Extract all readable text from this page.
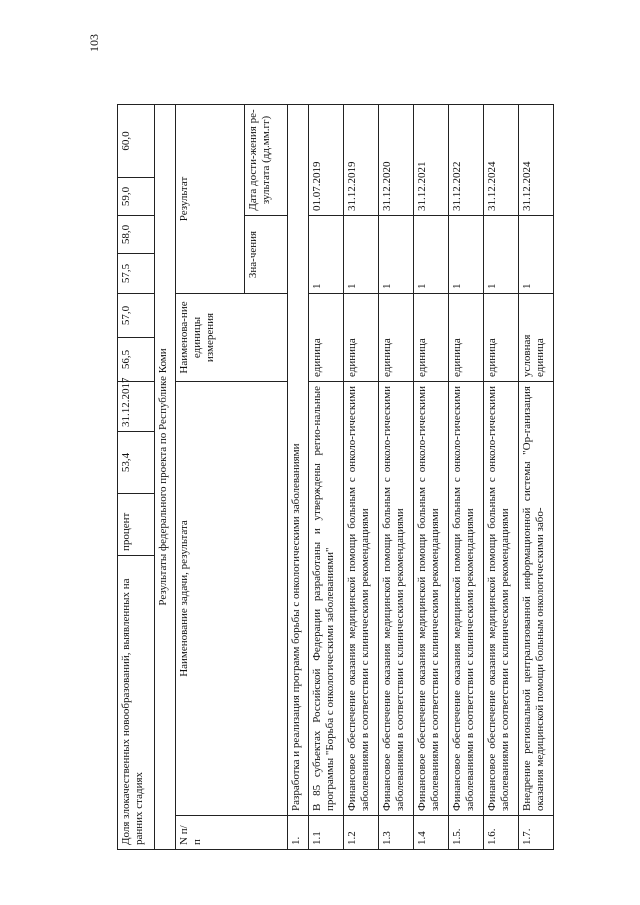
103
Доля злокачественных новообразований, выявленных на ранних стадиях		процент	53,4	31.12.2017	56,5	57,0	57,5	58,0	59,0	60,0
Результаты федерального проекта по Республике Коми										
N п/п	Наименование задачи, результата				Наименова-ние единицы измерения		Результат			
							Зна-чения		Дата дости-жения ре-зультата (дд.мм.гг)	
1.	Разработка и реализация программ борьбы с онкологическими заболеваниями									
1.1	В 85 субъектах Российской Федерации разработаны и утверждены регио-нальные программы "Борьба с онкологическими заболеваниями"				единица		1		01.07.2019	
1.2	Финансовое обеспечение оказания медицинской помощи больным с онколо-гическими заболеваниями в соответствии с клиническими рекомендациями				единица		1		31.12.2019	
1.3	Финансовое обеспечение оказания медицинской помощи больным с онколо-гическими заболеваниями в соответствии с клиническими рекомендациями				единица		1		31.12.2020	
1.4	Финансовое обеспечение оказания медицинской помощи больным с онколо-гическими заболеваниями в соответствии с клиническими рекомендациями				единица		1		31.12.2021	
1.5.	Финансовое обеспечение оказания медицинской помощи больным с онколо-гическими заболеваниями в соответствии с клиническими рекомендациями				единица		1		31.12.2022	
1.6.	Финансовое обеспечение оказания медицинской помощи больным с онколо-гическими заболеваниями в соответствии с клиническими рекомендациями				единица		1		31.12.2024	
1.7.	Внедрение региональной централизованной информационной системы "Ор-ганизация оказания медицинской помощи больным онкологическими забо-				условная единица		1		31.12.2024	
